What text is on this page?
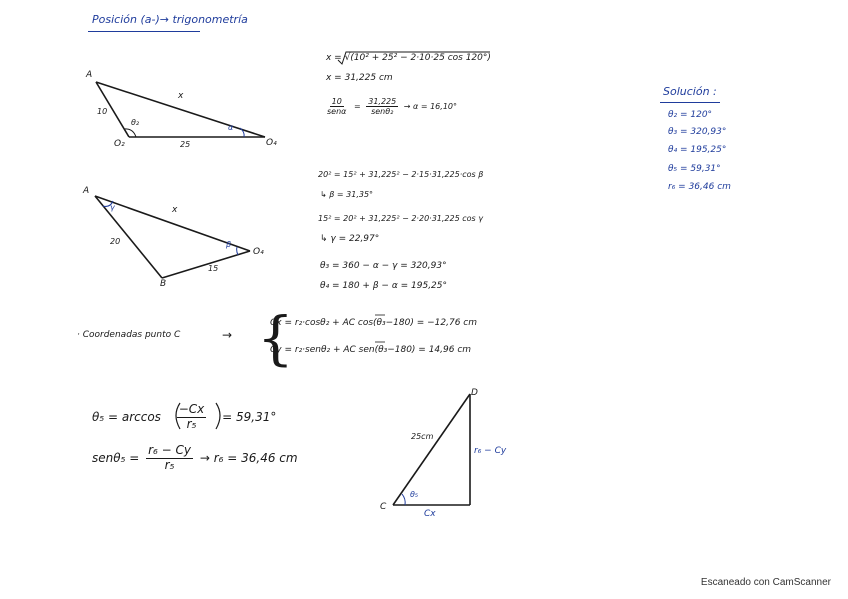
Posición (a-)→ trigonometría
A
10
θ₂
x
α
O₂	25	O₄
x = √(10² + 25² − 2·10·25 cos 120°)
x = 31,225 cm
$\frac{10}{\text{senα}} = \frac{31,225}{\text{senθ₂}} \to \alpha = 16,10^\circ$
Solución :
θ₂ = 120°
θ₃ = 320,93°
θ₄ = 195,25°
θ₅ = 59,31°
r₆ = 36,46 cm
A
γ	x
20	β
O₄
15
B
20² = 15² + 31,225² − 2·15·31,225·cos β
↳ β = 31,35°
15² = 20² + 31,225² − 2·20·31,225 cos γ
↳ γ = 22,97°
θ₃ = 360 − α − γ = 320,93°
θ₄ = 180 + β − α = 195,25°
· Coordenadas punto C	→ {
Cx = r₂·cosθ₂ + AC cos(θ₃−180) = −12,76 cm
Cy = r₂·senθ₂ + AC sen(θ₃−180) = 14,96 cm
$\theta_5 = \arccos \frac{-Cx}{\text{r₅}} = 59,31^\circ$
$sen\theta_5 = \frac{\text{r₆ − Cy}}{\text{r₅}} \to r_6 = 36,46$ cm
D
25cm
r₆ − Cy
θ₅
C
Cx
Escaneado con CamScanner
